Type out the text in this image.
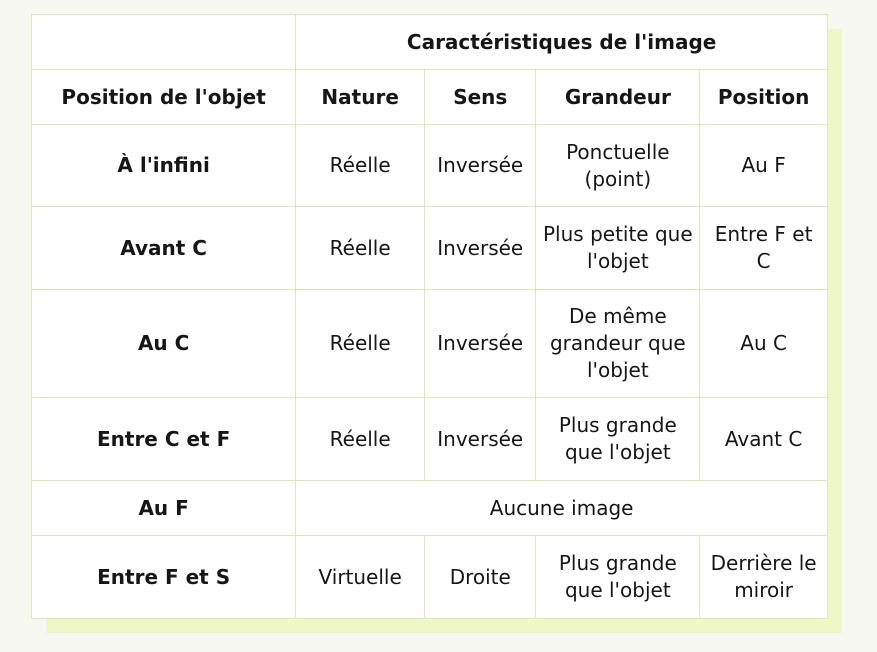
	Caractéristiques de l'image			
Position de l'objet	Nature	Sens	Grandeur	Position
À l'infini	Réelle	Inversée	Ponctuelle (point)	Au F
Avant C	Réelle	Inversée	Plus petite que l'objet	Entre F et C
Au C	Réelle	Inversée	De même grandeur que l'objet	Au C
Entre C et F	Réelle	Inversée	Plus grande que l'objet	Avant C
Au F	Aucune image			
Entre F et S	Virtuelle	Droite	Plus grande que l'objet	Derrière le miroir
